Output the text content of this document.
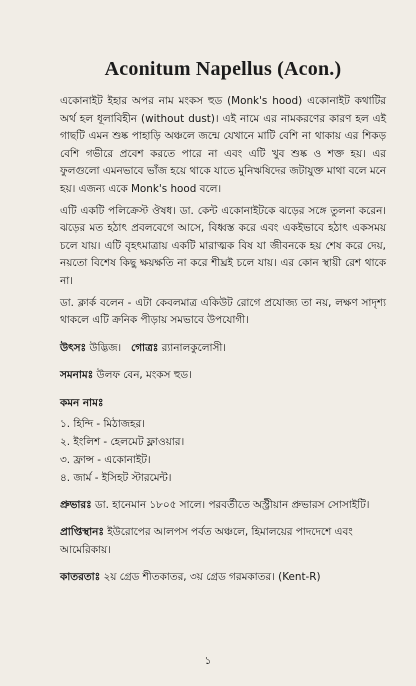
Aconitum Napellus (Acon.)

একোনাইট ইহার অপর নাম মংকস হুড (Monk's hood) একোনাইট কথাটির অর্থ হল ধূলাবিহীন (without dust)। এই নামে এর নামকরণের কারণ হল এই গাছটি এমন শুষ্ক পাহাড়ি অঞ্চলে জন্মে যেখানে মাটি বেশি না থাকায় এর শিকড় বেশি গভীরে প্রবেশ করতে পারে না এবং এটি খুব শুষ্ক ও শক্ত হয়। এর ফুলগুলো এমনভাবে ভাঁজ হয়ে থাকে যাতে মুনিঋষিদের জটাযুক্ত মাথা বলে মনে হয়। এজন্য একে Monk's hood বলে।

এটি একটি পলিক্রেস্ট ঔষধ। ডা. কেন্ট একোনাইটকে ঝড়ের সঙ্গে তুলনা করেন। ঝড়ের মত হঠাৎ প্রবলবেগে আসে, বিধ্বস্ত করে এবং একইভাবে হঠাৎ একসময় চলে যায়। এটি বৃহৎমাত্রায় একটি মারাত্মক বিষ যা জীবনকে হয় শেষ করে দেয়, নয়তো বিশেষ কিছু ক্ষয়ক্ষতি না করে শীঘ্রই চলে যায়। এর কোন স্থায়ী রেশ থাকে না।

ডা. ক্লার্ক বলেন - এটা কেবলমাত্র একিউট রোগে প্রযোজ্য তা নয়, লক্ষণ সাদৃশ্য থাকলে এটি ক্রনিক পীড়ায় সমভাবে উপযোগী।

উৎসঃ উদ্ভিজ। গোত্রঃ র‍্যানালকুলোসী।
সমনামঃ উলফ বেন, মংকস হুড।
কমন নামঃ
১. হিন্দি - মিঠাজহর।
২. ইংলিশ - হেলমেট ফ্লাওয়ার।
৩. ফ্রান্স - একোনাইট।
৪. জার্ম - ইসিহট স্টারমেন্ট।
প্রুভারঃ ডা. হানেমান ১৮০৫ সালে। পরবর্তীতে অস্ট্রীয়ান প্রুভারস সোসাইটি।
প্রাপ্তিস্থানঃ ইউরোপের আলপস পর্বত অঞ্চলে, হিমালয়ের পাদদেশে এবং আমেরিকায়।
কাতরতাঃ ২য় গ্রেড শীতকাতর, ৩য় গ্রেড গরমকাতর। (Kent-R)
১
